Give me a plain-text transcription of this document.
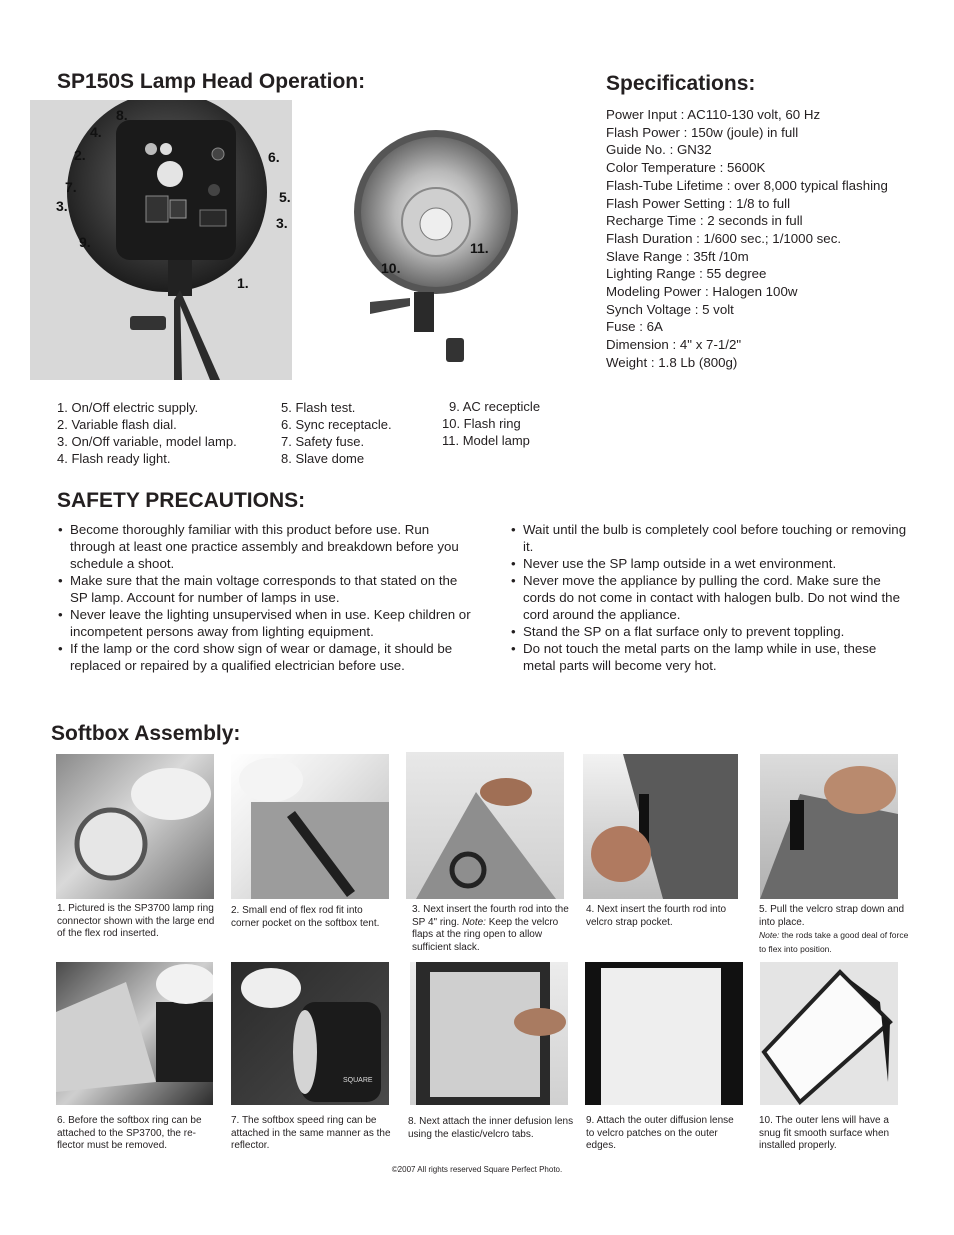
SP150S Lamp Head Operation:	Specifications:
8.
4.
2.	6.
7.
3.
5.
3.
9.
1.
11.
10.
Power Input : AC110-130 volt, 60 Hz
Flash Power : 150w (joule) in full
Guide No. : GN32
Color Temperature : 5600K
Flash-Tube Lifetime : over 8,000 typical flashing
Flash Power Setting : 1/8 to full
Recharge Time : 2 seconds in full
Flash Duration : 1/600 sec.; 1/1000 sec.
Slave Range : 35ft /10m
Lighting Range : 55 degree
Modeling Power : Halogen 100w
Synch Voltage : 5 volt
Fuse : 6A
Dimension : 4" x 7-1/2"
Weight : 1.8 Lb (800g)
1. On/Off electric supply.
2. Variable flash dial.
3. On/Off variable, model lamp.
4. Flash ready light.
5. Flash test.
6. Sync receptacle.
7. Safety fuse.
8. Slave dome
9. AC recepticle
10. Flash ring
11. Model lamp
SAFETY PRECAUTIONS:
• Become thoroughly familiar with this product before use. Run through at least one practice assembly and breakdown before you schedule a shoot.
• Make sure that the main voltage corresponds to that stated on the SP lamp. Account for number of lamps in use.
• Never leave the lighting unsupervised when in use. Keep children or incompetent persons away from lighting equipment.
• If the lamp or the cord show sign of wear or damage, it should be replaced or repaired by a qualified electrician before use.
• Wait until the bulb is completely cool before touching or removing it.
• Never use the SP lamp outside in a wet environment.
• Never move the appliance by pulling the cord. Make sure the cords do not come in contact with halogen bulb. Do not wind the cord around the appliance.
• Stand the SP on a flat surface only to prevent toppling.
• Do not touch the metal parts on the lamp while in use, these metal parts will become very hot.
Softbox Assembly:
1. Pictured is the SP3700 lamp ring connector shown with the large end of the flex rod inserted.
2. Small end of flex rod fit into corner pocket on the softbox tent.
3. Next insert the fourth rod into the SP 4" ring. Note: Keep the velcro flaps at the ring open to allow sufficient slack.
4. Next insert the fourth rod into velcro strap pocket.
5. Pull the velcro strap down and into place.
Note: the rods take a good deal of force to flex into position.
SQUARE
6. Before the softbox ring can be attached to the SP3700, the re-flector must be removed.
7. The softbox speed ring can be attached in the same manner as the reflector.
8. Next attach the inner defusion lens using the elastic/velcro tabs.
9. Attach the outer diffusion lense to velcro patches on the outer edges.
10. The outer lens will have a snug fit smooth surface when installed properly.
©2007 All rights reserved Square Perfect Photo.
